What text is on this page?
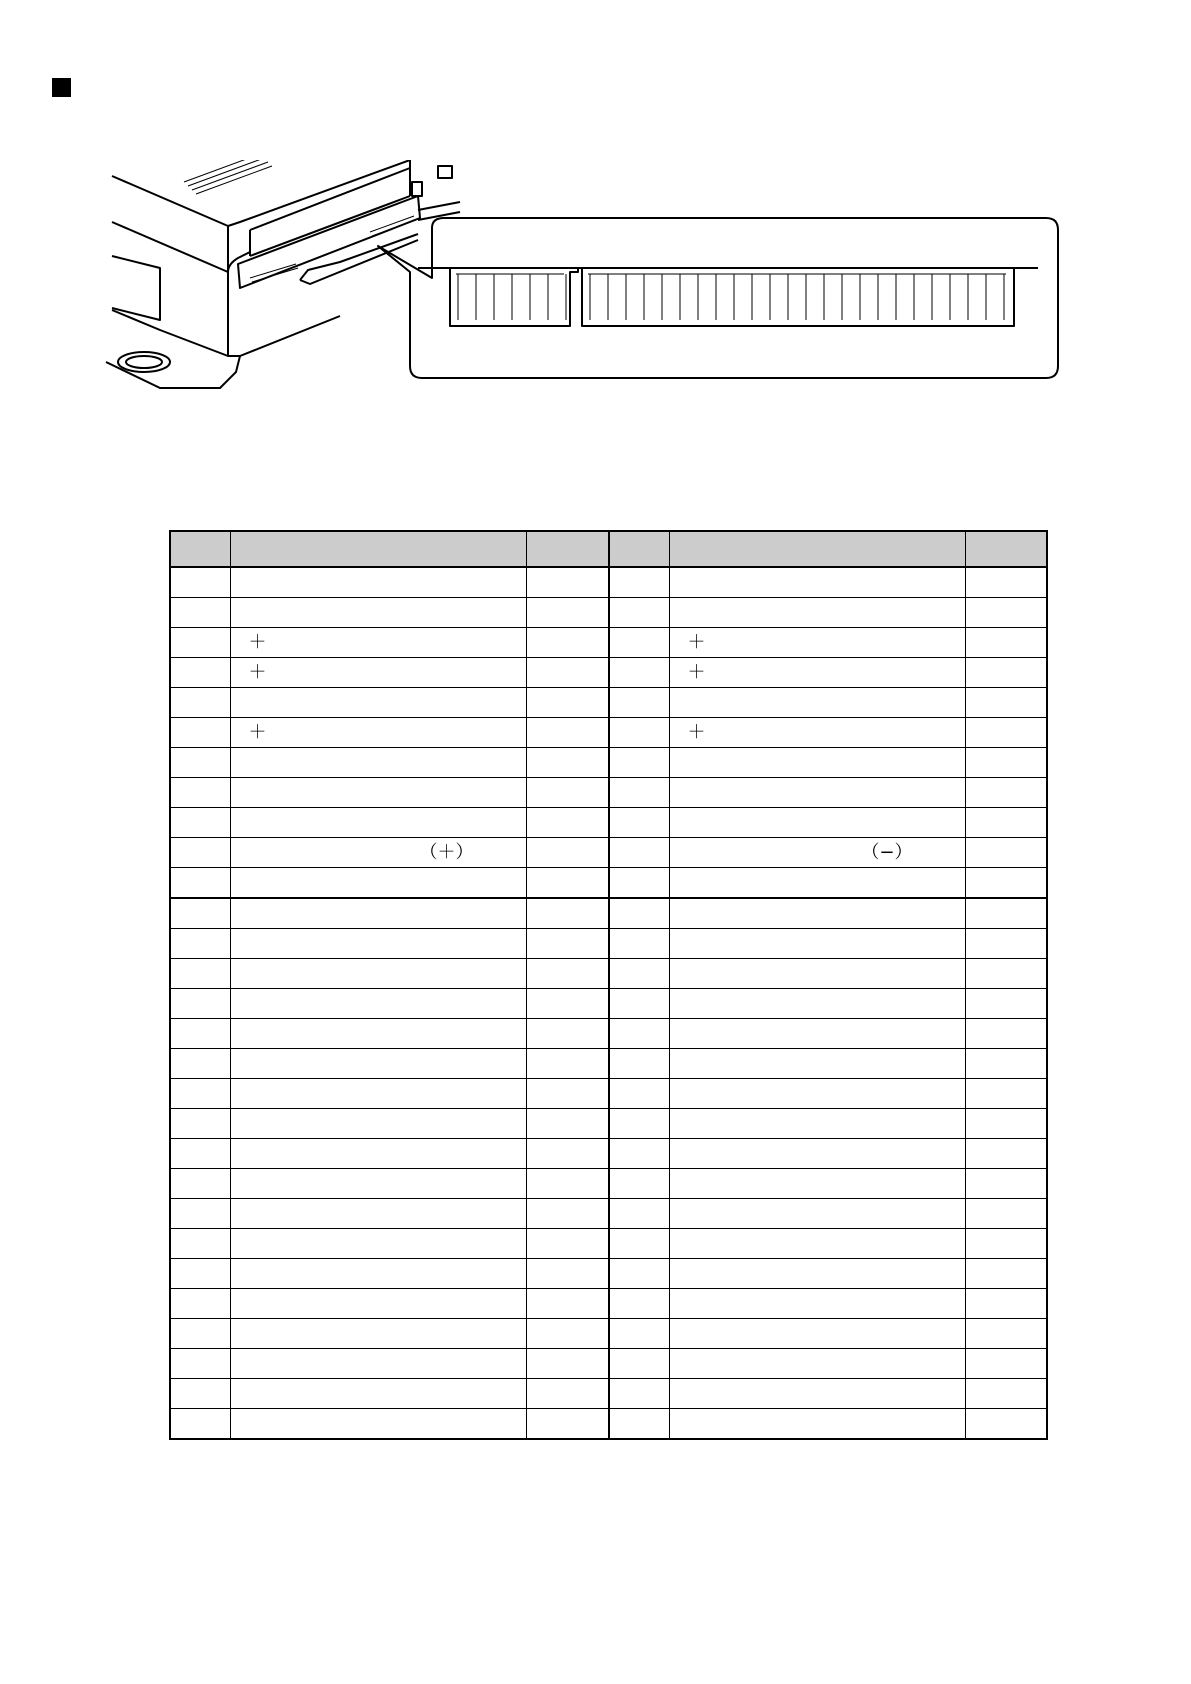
	＋			＋	
	＋			＋	

	＋			＋	

	（＋）			（−）	
